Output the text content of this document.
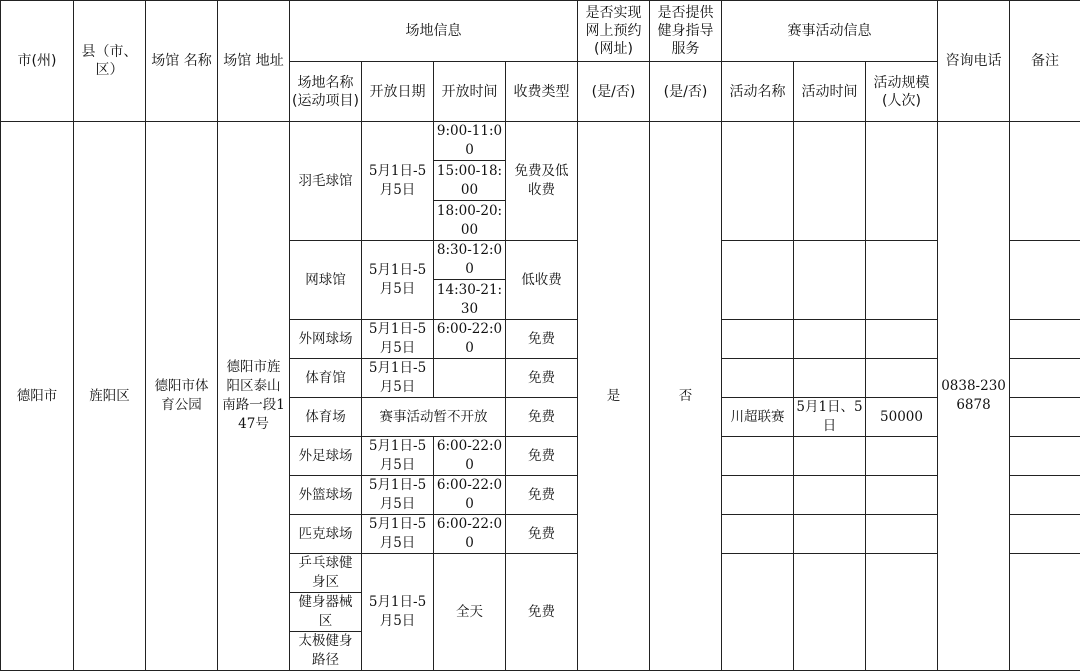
市(州)	县（市、区）	场馆 名称	场馆 地址	场地信息				是否实现网上预约(网址)	是否提供健身指导服务	赛事活动信息			咨询电话	备注
				场地名称(运动项目)	开放日期	开放时间	收费类型	(是/否)	(是/否)	活动名称	活动时间	活动规模(人次)		
德阳市	旌阳区	德阳市体育公园	德阳市旌阳区泰山南路一段147号	羽毛球馆	5月1日-5月5日	9:00-11:00	免费及低收费	是	否				0838-2306878	
						15:00-18:00								
						18:00-20:00								
				网球馆	5月1日-5月5日	8:30-12:00	低收费							
						14:30-21:30								
				外网球场	5月1日-5月5日	6:00-22:00	免费							
				体育馆	5月1日-5月5日		免费							
				体育场	赛事活动暂不开放		免费			川超联赛	5月1日、5日	50000		
				外足球场	5月1日-5月5日	6:00-22:00	免费							
				外篮球场	5月1日-5月5日	6:00-22:00	免费							
				匹克球场	5月1日-5月5日	6:00-22:00	免费							
				乒乓球健身区	5月1日-5月5日	全天	免费							
				健身器械区										
				太极健身路径										
